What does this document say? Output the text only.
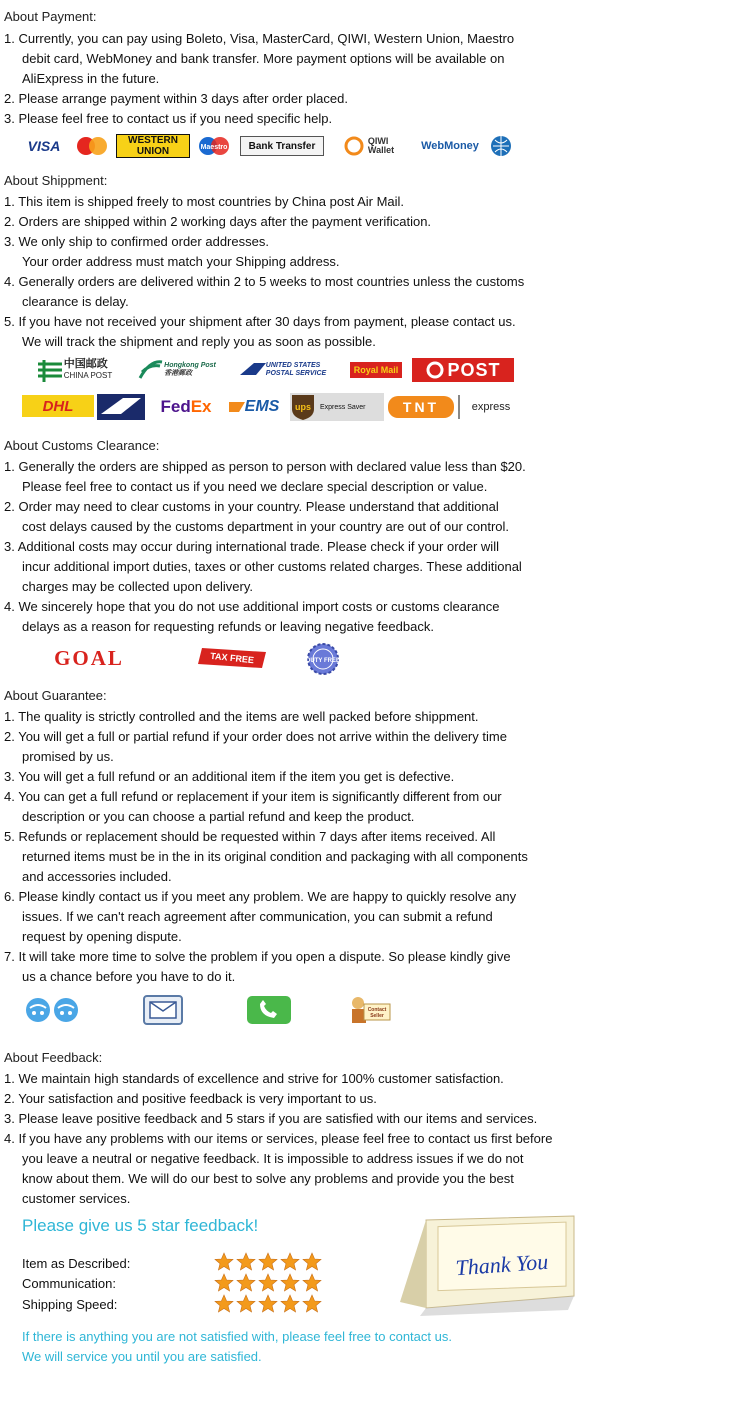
About Payment:
1. Currently, you can pay using Boleto, Visa, MasterCard, QIWI, Western Union, Maestro
debit card, WebMoney and bank transfer. More payment options will be available on
AliExpress in the future.
2. Please arrange payment within 3 days after order placed.
3. Please feel free to contact us if you need specific help.
VISA	WESTERN
UNION	Maestro	Bank Transfer	QIWI
Wallet	WebMoney
About Shippment:
1. This item is shipped freely to most countries by China post Air Mail.
2. Orders are shipped within 2 working days after the payment verification.
3. We only ship to confirmed order addresses.
Your order address must match your Shipping address.
4. Generally orders are delivered within 2 to 5 weeks to most countries unless the customs
clearance is delay.
5. If you have not received your shipment after 30 days from payment, please contact us.
We will track the shipment and reply you as soon as possible.
中国邮政
CHINA POST
Hongkong Post
香港郵政
UNITED STATES
POSTAL SERVICE	Royal Mail	POST
DHL	Fed Ex EMS ups Express Saver	TNT	express
About Customs Clearance:
1. Generally the orders are shipped as person to person with declared value less than $20.
Please feel free to contact us if you need we declare special description or value.
2. Order may need to clear customs in your country. Please understand that additional
cost delays caused by the customs department in your country are out of our control.
3. Additional costs may occur during international trade. Please check if your order will
incur additional import duties, taxes or other customs related charges. These additional
charges may be collected upon delivery.
4. We sincerely hope that you do not use additional import costs or customs clearance
delays as a reason for requesting refunds or leaving negative feedback.
GOAL	TAX FREE	DUTY FREE
About Guarantee:
1. The quality is strictly controlled and the items are well packed before shippment.
2. You will get a full or partial refund if your order does not arrive within the delivery time
promised by us.
3. You will get a full refund or an additional item if the item you get is defective.
4. You can get a full refund or replacement if your item is significantly different from our
description or you can choose a partial refund and keep the product.
5. Refunds or replacement should be requested within 7 days after items received. All
returned items must be in the in its original condition and packaging with all components
and accessories included.
6. Please kindly contact us if you meet any problem. We are happy to quickly resolve any
issues. If we can't reach agreement after communication, you can submit a refund
request by opening dispute.
7. It will take more time to solve the problem if you open a dispute. So please kindly give
us a chance before you have to do it.
Contact
Seller
About Feedback:
1. We maintain high standards of excellence and strive for 100% customer satisfaction.
2. Your satisfaction and positive feedback is very important to us.
3. Please leave positive feedback and 5 stars if you are satisfied with our items and services.
4. If you have any problems with our items or services, please feel free to contact us first before
you leave a neutral or negative feedback. It is impossible to address issues if we do not
know about them. We will do our best to solve any problems and provide you the best
customer services.
Please give us 5 star feedback!
Item as Described:
Communication:
Shipping Speed:
Thank You
If there is anything you are not satisfied with, please feel free to contact us.
We will service you until you are satisfied.
